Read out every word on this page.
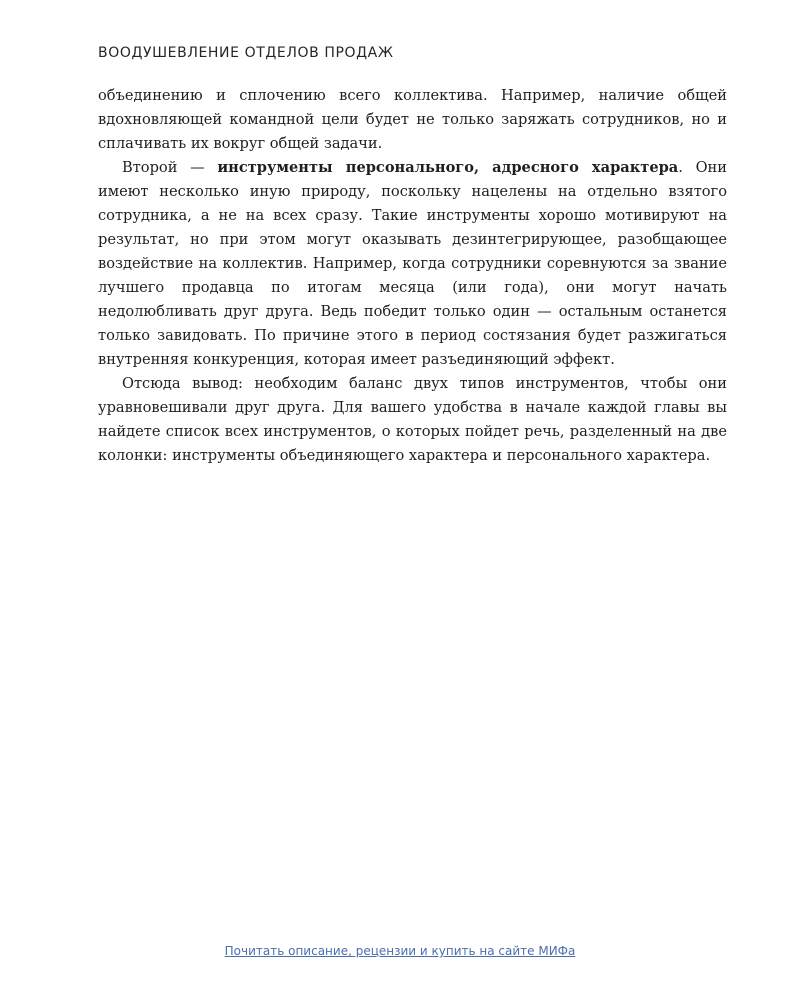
ВООДУШЕВЛЕНИЕ ОТДЕЛОВ ПРОДАЖ

объединению и сплочению всего коллектива. Например, наличие общей вдохновляющей командной цели будет не только заряжать сотрудников, но и сплачивать их вокруг общей задачи.

Второй — инструменты персонального, адресного характера. Они имеют несколько иную природу, поскольку нацелены на отдельно взятого сотрудника, а не на всех сразу. Такие инструменты хорошо мотивируют на результат, но при этом могут оказывать дезинтегрирующее, разобщающее воздействие на коллектив. Например, когда сотрудники соревнуются за звание лучшего продавца по итогам месяца (или года), они могут начать недолюбливать друг друга. Ведь победит только один — остальным останется только завидовать. По причине этого в период состязания будет разжигаться внутренняя конкуренция, которая имеет разъединяющий эффект.

Отсюда вывод: необходим баланс двух типов инструментов, чтобы они уравновешивали друг друга. Для вашего удобства в начале каждой главы вы найдете список всех инструментов, о которых пойдет речь, разделенный на две колонки: инструменты объединяющего характера и персонального характера.

Почитать описание, рецензии и купить на сайте МИФа
